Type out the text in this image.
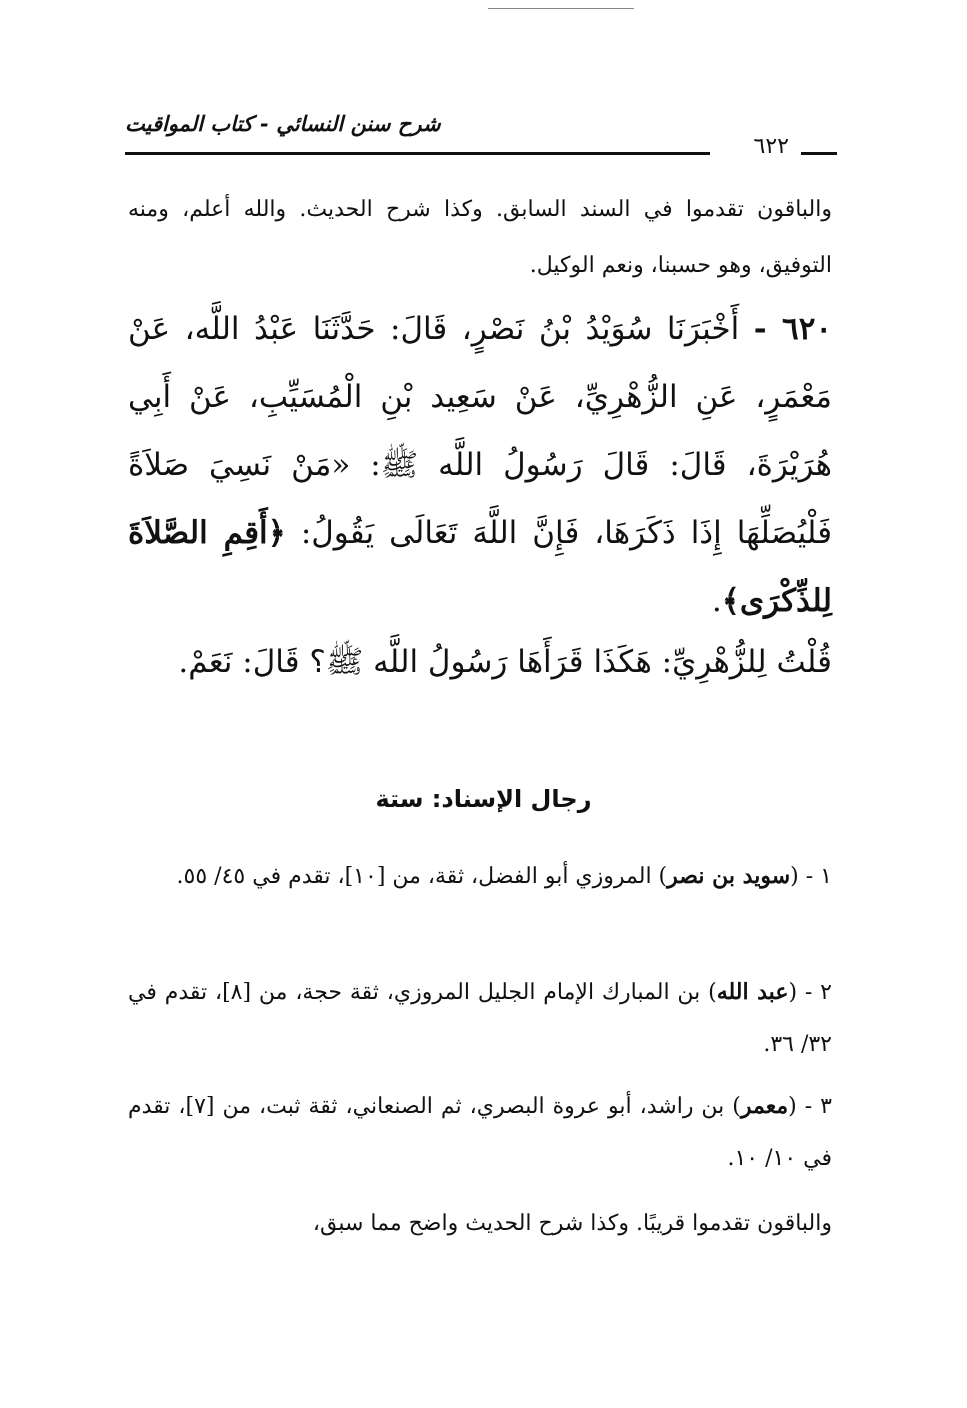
شرح سنن النسائي - كتاب المواقيت
٦٢٢

والباقون تقدموا في السند السابق. وكذا شرح الحديث. والله أعلم، ومنه التوفيق، وهو حسبنا، ونعم الوكيل.

٦٢٠ - أَخْبَرَنَا سُوَيْدُ بْنُ نَصْرٍ، قَالَ: حَدَّثَنَا عَبْدُ اللَّه، عَنْ مَعْمَرٍ، عَنِ الزُّهْرِيِّ، عَنْ سَعِيد بْنِ الْمُسَيِّبِ، عَنْ أَبِي هُرَيْرَةَ، قَالَ: قَالَ رَسُولُ اللَّه ﷺ: «مَنْ نَسِيَ صَلاَةً فَلْيُصَلِّهَا إِذَا ذَكَرَهَا، فَإِنَّ اللَّهَ تَعَالَى يَقُولُ: ﴿أَقِمِ الصَّلاَةَ لِلذِّكْرَى﴾.

قُلْتُ لِلزُّهْرِيِّ: هَكَذَا قَرَأَهَا رَسُولُ اللَّه ﷺ؟ قَالَ: نَعَمْ.

رجال الإسناد: ستة

١ - (سويد بن نصر) المروزي أبو الفضل، ثقة، من [١٠]، تقدم في ٤٥/ ٥٥.

٢ - (عبد الله) بن المبارك الإمام الجليل المروزي، ثقة حجة، من [٨]، تقدم في ٣٢/ ٣٦.

٣ - (معمر) بن راشد، أبو عروة البصري، ثم الصنعاني، ثقة ثبت، من [٧]، تقدم في ١٠/ ١٠.

والباقون تقدموا قريبًا. وكذا شرح الحديث واضح مما سبق،
